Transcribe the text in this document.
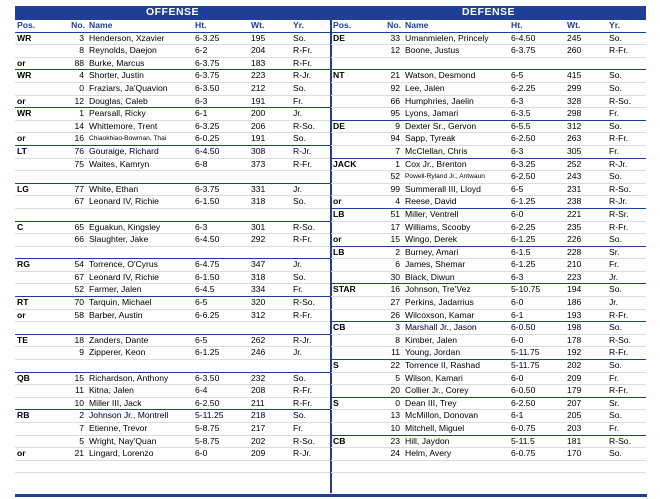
OFFENSE					
Pos.	No.	Name	Ht.	Wt.	Yr.
WR	3	Henderson, Xzavier	6-3.25	195	So.
	8	Reynolds, Daejon	6-2	204	R-Fr.
or	88	Burke, Marcus	6-3.75	183	R-Fr.
WR	4	Shorter, Justin	6-3.75	223	R-Jr.
	0	Fraziars, Ja'Quavion	6-3.50	212	So.
or	12	Douglas, Caleb	6-3	191	Fr.
WR	1	Pearsall, Ricky	6-1	200	Jr.
	14	Whittemore, Trent	6-3.25	206	R-So.
or	16	Chiaokhiao-Bowman, Thai	6-0.25	191	So.
LT	76	Gouraige, Richard	6-4.50	308	R-Jr.
	75	Waites, Kamryn	6-8	373	R-Fr.

LG	77	White, Ethan	6-3.75	331	Jr.
	67	Leonard IV, Richie	6-1.50	318	So.

C	65	Eguakun, Kingsley	6-3	301	R-So.
	66	Slaughter, Jake	6-4.50	292	R-Fr.

RG	54	Torrence, O'Cyrus	6-4.75	347	Jr.
	67	Leonard IV, Richie	6-1.50	318	So.
	52	Farmer, Jalen	6-4.5	334	Fr.
RT	70	Tarquin, Michael	6-5	320	R-So.
or	58	Barber, Austin	6-6.25	312	R-Fr.

TE	18	Zanders, Dante	6-5	262	R-Jr.
	9	Zipperer, Keon	6-1.25	246	Jr.

QB	15	Richardson, Anthony	6-3.50	232	So.
	11	Kitna, Jalen	6-4	208	R-Fr.
	10	Miller III, Jack	6-2.50	211	R-Fr.
RB	2	Johnson Jr., Montrell	5-11.25	218	So.
	7	Etienne, Trevor	5-8.75	217	Fr.
	5	Wright, Nay'Quan	5-8.75	202	R-So.
or	21	Lingard, Lorenzo	6-0	209	R-Jr.

DEFENSE					
Pos.	No.	Name	Ht.	Wt.	Yr.
DE	33	Umanmielen, Princely	6-4.50	245	So.
	12	Boone, Justus	6-3.75	260	R-Fr.

NT	21	Watson, Desmond	6-5	415	So.
	92	Lee, Jalen	6-2.25	299	So.
	66	Humphries, Jaelin	6-3	328	R-So.
	95	Lyons, Jamari	6-3.5	298	Fr.
DE	9	Dexter Sr., Gervon	6-5.5	312	So.
	94	Sapp, Tyreak	6-2.50	263	R-Fr.
	7	McClellan, Chris	6-3	305	Fr.
JACK	1	Cox Jr., Brenton	6-3.25	252	R-Jr.
	52	Powell-Ryland Jr., Antwaun	6-2.50	243	So.
	99	Summerall III, Lloyd	6-5	231	R-So.
or	4	Reese, David	6-1.25	238	R-Jr.
LB	51	Miller, Ventrell	6-0	221	R-Sr.
	17	Williams, Scooby	6-2.25	235	R-Fr.
or	15	Wingo, Derek	6-1.25	226	So.
LB	2	Burney, Amari	6-1.5	228	Sr.
	6	James, Shemar	6-1.25	210	Fr.
	30	Black, Diwun	6-3	223	Jr.
STAR	16	Johnson, Tre'Vez	5-10.75	194	So.
	27	Perkins, Jadarrius	6-0	186	Jr.
	26	Wilcoxson, Kamar	6-1	193	R-Fr.
CB	3	Marshall Jr., Jason	6-0.50	198	So.
	8	Kimber, Jalen	6-0	178	R-So.
	11	Young, Jordan	5-11.75	192	R-Fr.
S	22	Torrence II, Rashad	5-11.75	202	So.
	5	Wilson, Kamari	6-0	209	Fr.
	20	Collier Jr., Corey	6-0.50	179	R-Fr.
S	0	Dean III, Trey	6-2.50	207	Sr.
	13	McMillon, Donovan	6-1	205	So.
	10	Mitchell, Miguel	6-0.75	203	Fr.
CB	23	Hill, Jaydon	5-11.5	181	R-So.
	24	Helm, Avery	6-0.75	170	So.
